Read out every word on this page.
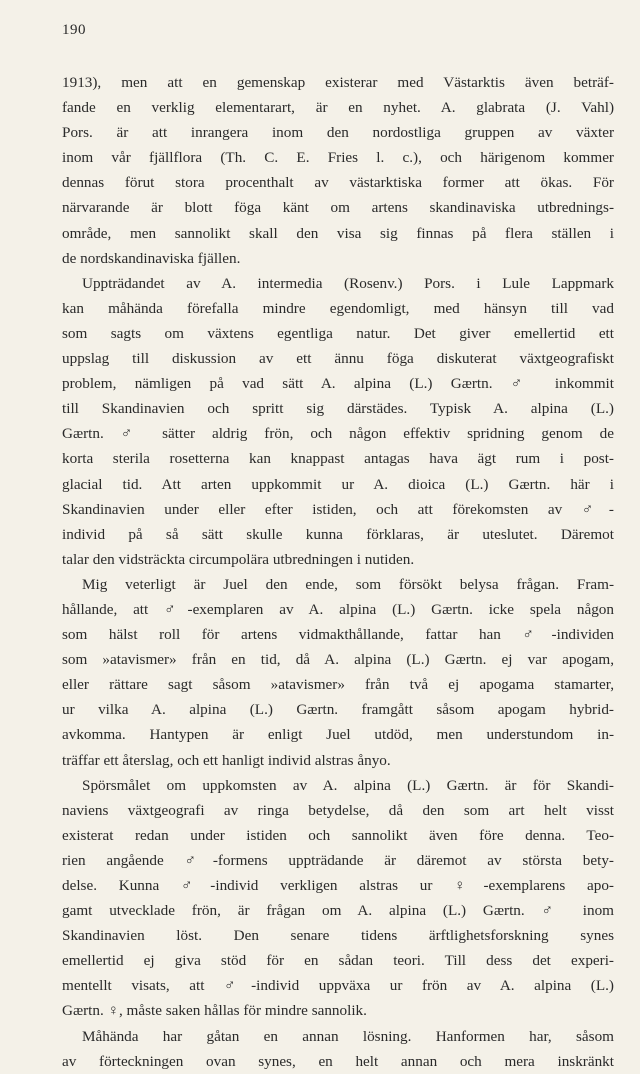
190
1913), men att en gemenskap existerar med Västarktis även beträf-
fande en verklig elementarart, är en nyhet. A. glabrata (J. Vahl)
Pors. är att inrangera inom den nordostliga gruppen av växter
inom vår fjällflora (Th. C. E. Fries l. c.), och härigenom kommer
dennas förut stora procenthalt av västarktiska former att ökas. För
närvarande är blott föga känt om artens skandinaviska utbrednings-
område, men sannolikt skall den visa sig finnas på flera ställen i
de nordskandinaviska fjällen.
Uppträdandet av A. intermedia (Rosenv.) Pors. i Lule Lappmark
kan måhända förefalla mindre egendomligt, med hänsyn till vad
som sagts om växtens egentliga natur. Det giver emellertid ett
uppslag till diskussion av ett ännu föga diskuterat växtgeografiskt
problem, nämligen på vad sätt A. alpina (L.) Gærtn. ♂ inkommit
till Skandinavien och spritt sig därstädes. Typisk A. alpina (L.)
Gærtn. ♂ sätter aldrig frön, och någon effektiv spridning genom de
korta sterila rosetterna kan knappast antagas hava ägt rum i post-
glacial tid. Att arten uppkommit ur A. dioica (L.) Gærtn. här i
Skandinavien under eller efter istiden, och att förekomsten av ♂-
individ på så sätt skulle kunna förklaras, är uteslutet. Däremot
talar den vidsträckta circumpolära utbredningen i nutiden.
Mig veterligt är Juel den ende, som försökt belysa frågan. Fram-
hållande, att ♂-exemplaren av A. alpina (L.) Gærtn. icke spela någon
som hälst roll för artens vidmakthållande, fattar han ♂-individen
som »atavismer» från en tid, då A. alpina (L.) Gærtn. ej var apogam,
eller rättare sagt såsom »atavismer» från två ej apogama stamarter,
ur vilka A. alpina (L.) Gærtn. framgått såsom apogam hybrid-
avkomma. Hantypen är enligt Juel utdöd, men understundom in-
träffar ett återslag, och ett hanligt individ alstras ånyo.
Spörsmålet om uppkomsten av A. alpina (L.) Gærtn. är för Skandi-
naviens växtgeografi av ringa betydelse, då den som art helt visst
existerat redan under istiden och sannolikt även före denna. Teo-
rien angående ♂-formens uppträdande är däremot av största bety-
delse. Kunna ♂-individ verkligen alstras ur ♀-exemplarens apo-
gamt utvecklade frön, är frågan om A. alpina (L.) Gærtn. ♂ inom
Skandinavien löst. Den senare tidens ärftlighetsforskning synes
emellertid ej giva stöd för en sådan teori. Till dess det experi-
mentellt visats, att ♂-individ uppväxa ur frön av A. alpina (L.)
Gærtn. ♀, måste saken hållas för mindre sannolik.
Måhända har gåtan en annan lösning. Hanformen har, såsom
av förteckningen ovan synes, en helt annan och mera inskränkt
